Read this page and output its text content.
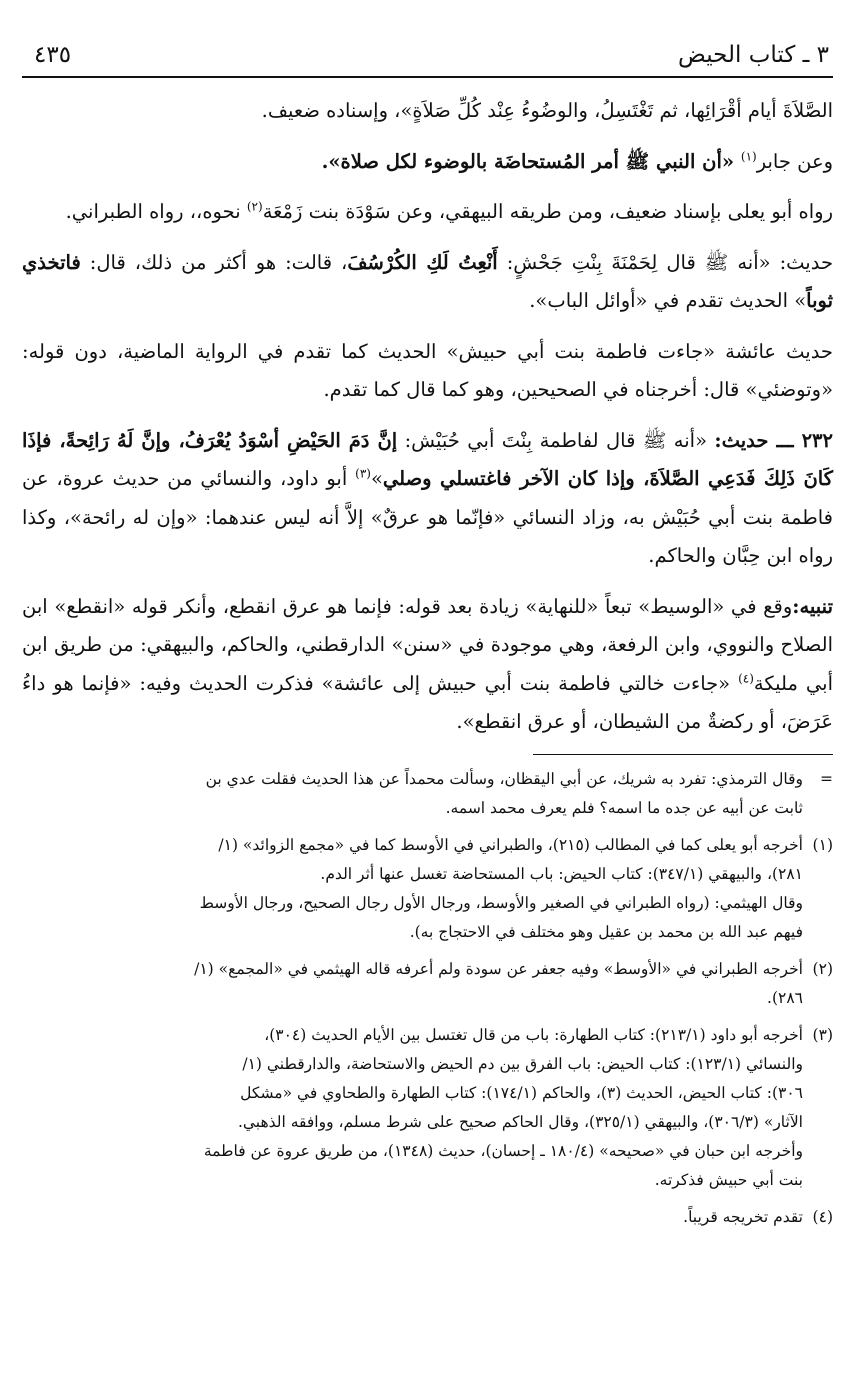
٣ ـ كتاب الحيض
٤٣٥

الصَّلاَةَ أيام أقْرَائِها، ثم تَغْتَسِلُ، والوضُوءُ عِنْد كُلِّ صَلاَةٍ»، وإسناده ضعيف.

وعن جابر$^{(١)}$ «أن النبي ﷺ أمر المُستحاضَة بالوضوء لكل صلاة».

رواه أبو يعلى بإسناد ضعيف، ومن طريقه البيهقي، وعن سَوْدَة بنت زَمْعَة$^{(٢)}$ نحوه،، رواه الطبراني.

حديث: «أنه ﷺ قال لِحَمْنَةَ بِنْتِ جَحْشٍ: أَنْعِتُ لَكِ الكُرْسُفَ، قالت: هو أكثر من ذلك، قال: فاتخذي ثوباً» الحديث تقدم في «أوائل الباب».

حديث عائشة «جاءت فاطمة بنت أبي حبيش» الحديث كما تقدم في الرواية الماضية، دون قوله: «وتوضئي» قال: أخرجناه في الصحيحين، وهو كما قال كما تقدم.

٢٣٢ ـــ حديث: «أنه ﷺ قال لفاطمة بِنْتَ أبي حُبَيْش: إنَّ دَمَ الحَيْضِ أسْوَدُ يُعْرَفُ، وإنَّ لَهُ رَائِحةً، فإذَا كَانَ ذَلِكَ فَدَعِي الصَّلاَةَ، وإذا كان الآخر فاغتسلي وصلي»$^{(٣)}$ أبو داود، والنسائي من حديث عروة، عن فاطمة بنت أبي حُبَيْش به، وزاد النسائي «فإنّما هو عرقٌ» إلاَّ أنه ليس عندهما: «وإن له رائحة»، وكذا رواه ابن حِبَّان والحاكم.

تنبيه:وقع في «الوسيط» تبعاً «للنهاية» زيادة بعد قوله: فإنما هو عرق انقطع، وأنكر قوله «انقطع» ابن الصلاح والنووي، وابن الرفعة، وهي موجودة في «سنن» الدارقطني، والحاكم، والبيهقي: من طريق ابن أبي مليكة$^{(٤)}$ «جاءت خالتي فاطمة بنت أبي حبيش إلى عائشة» فذكرت الحديث وفيه: «فإنما هو داءُ عَرَضَ، أو ركضةٌ من الشيطان، أو عرق انقطع».

=
وقال الترمذي: تفرد به شريك، عن أبي اليقظان، وسألت محمداً عن هذا الحديث فقلت عدي بن
ثابت عن أبيه عن جده ما اسمه؟ فلم يعرف محمد اسمه.
(١)
أخرجه أبو يعلى كما في المطالب (٢١٥)، والطبراني في الأوسط كما في «مجمع الزوائد» (١/
٢٨١)، والبيهقي (٣٤٧/١): كتاب الحيض: باب المستحاضة تغسل عنها أثر الدم.
وقال الهيثمي: (رواه الطبراني في الصغير والأوسط، ورجال الأول رجال الصحيح، ورجال الأوسط
فيهم عبد الله بن محمد بن عقيل وهو مختلف في الاحتجاج به).
(٢)
أخرجه الطبراني في «الأوسط» وفيه جعفر عن سودة ولم أعرفه قاله الهيثمي في «المجمع» (١/
٢٨٦).
(٣)
أخرجه أبو داود (٢١٣/١): كتاب الطهارة: باب من قال تغتسل بين الأيام الحديث (٣٠٤)،
والنسائي (١٢٣/١): كتاب الحيض: باب الفرق بين دم الحيض والاستحاضة، والدارقطني (١/
٣٠٦): كتاب الحيض، الحديث (٣)، والحاكم (١٧٤/١): كتاب الطهارة والطحاوي في «مشكل
الآثار» (٣٠٦/٣)، والبيهقي (٣٢٥/١)، وقال الحاكم صحيح على شرط مسلم، ووافقه الذهبي.
وأخرجه ابن حبان في «صحيحه» (١٨٠/٤ ـ إحسان)، حديث (١٣٤٨)، من طريق عروة عن فاطمة
بنت أبي حبيش فذكرته.
(٤)
تقدم تخريجه قريباً.
